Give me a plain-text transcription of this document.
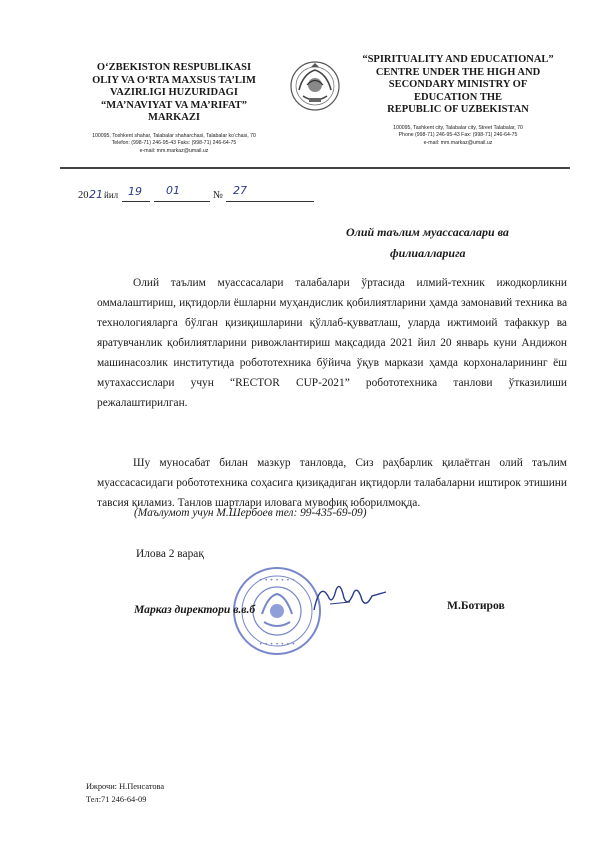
O‘ZBEKISTON RESPUBLIKASI
OLIY VA O‘RTA MAXSUS TA’LIM
VAZIRLIGI HUZURIDAGI
“MA’NAVIYAT VA MA’RIFAT”
MARKAZI
100095, Toshkent shahar, Talabalar shaharchasi, Talabalar ko‘chasi, 70
Telefon: (998-71) 246-95-43 Faks: (998-71) 246-64-75
e-mail: mm.markaz@umail.uz
“SPIRITUALITY AND EDUCATIONAL”
CENTRE UNDER THE HIGH AND
SECONDARY MINISTRY OF
EDUCATION THE
REPUBLIC OF UZBEKISTAN
100095, Tashkent city, Talabalar city, Street Talabalar, 70
Phone (998-71) 246-95-43 Fax: (998-71) 246-64-75
e-mail: mm.markaz@umail.uz
20 21 йил 19 01	№ 27
Олий таълим муассасалари ва
филиалларига
Олий таълим муассасалари талабалари ўртасида илмий-техник ижодкорликни оммалаштириш, иқтидорли ёшларни муҳандислик қобилиятларини ҳамда замонавий техника ва технологияларга бўлган қизиқишларини қўллаб-қувватлаш, уларда ижтимоий тафаккур ва яратувчанлик қобилиятларини ривожлантириш мақсадида 2021 йил 20 январь куни Андижон машинасозлик институтида робототехника бўйича ўқув маркази ҳамда корхоналарининг ёш мутахассислари учун “RECTOR CUP-2021” робототехника танлови ўтказилиши режалаштирилган.
Шу муносабат билан мазкур танловда, Сиз раҳбарлик қилаётган олий таълим муассасасидаги робототехника соҳасига қизиқадиган иқтидорли талабаларни иштирок этишини тавсия қиламиз. Танлов шартлари иловага мувофиқ юборилмоқда.
(Маълумот учун М.Шербоев тел: 99-435-69-09)
Илова 2 варақ
• • • • • • •
• • • • • • •
Марказ директори в.в.б	М.Ботиров
Ижрочи: Н.Пенсатова
Тел:71 246-64-09
